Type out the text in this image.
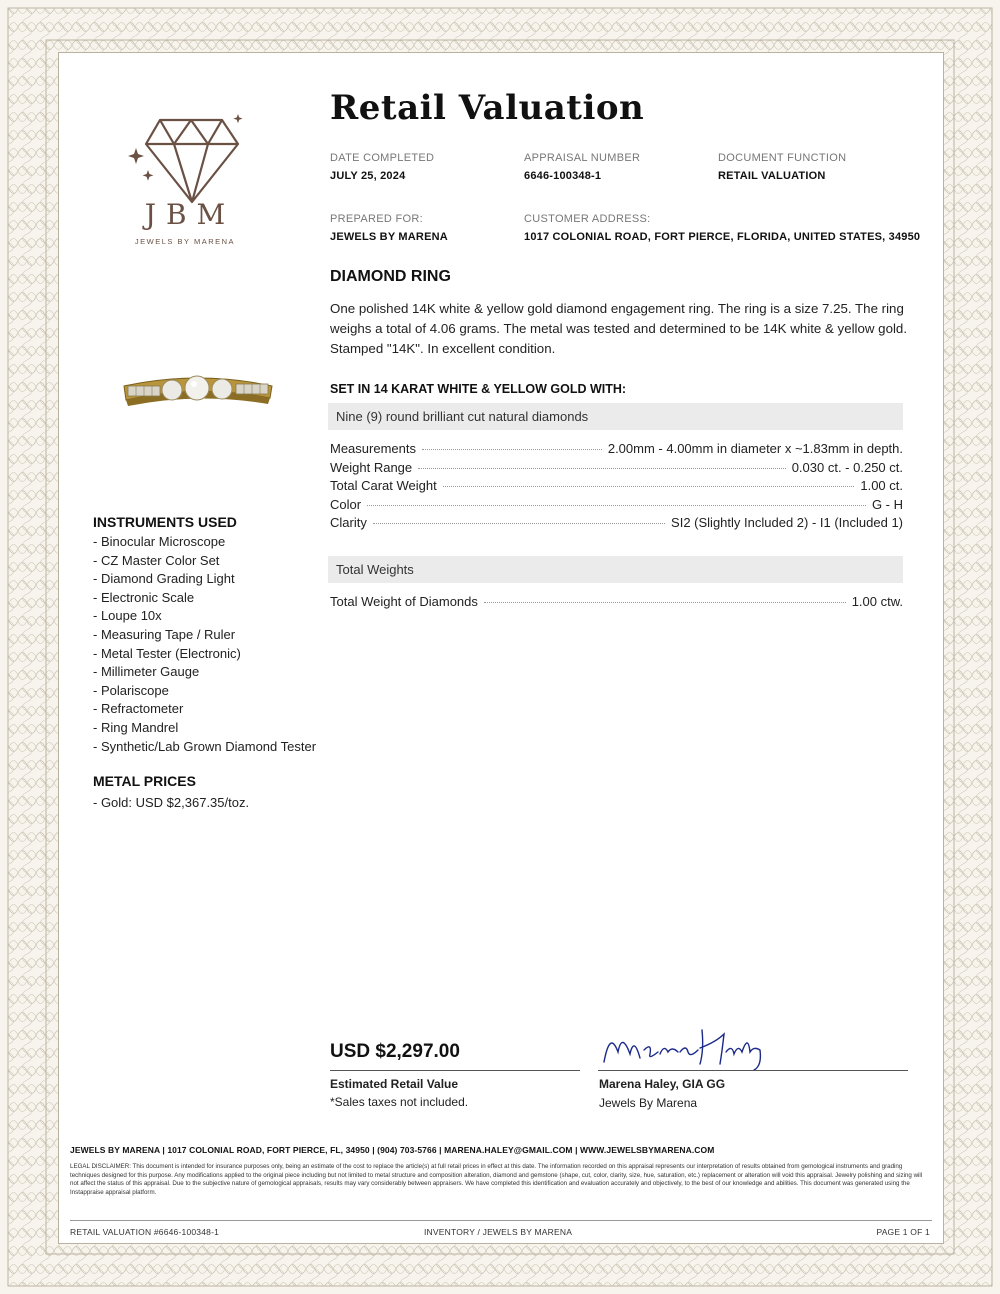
JBM
JEWELS BY MARENA
Retail Valuation
DATE COMPLETED
JULY 25, 2024
APPRAISAL NUMBER
6646-100348-1
DOCUMENT FUNCTION
RETAIL VALUATION
PREPARED FOR:
JEWELS BY MARENA
CUSTOMER ADDRESS:
1017 COLONIAL ROAD, FORT PIERCE, FLORIDA, UNITED STATES, 34950
DIAMOND RING
One polished 14K white & yellow gold diamond engagement ring. The ring is a size 7.25. The ring weighs a total of 4.06 grams. The metal was tested and determined to be 14K white & yellow gold. Stamped "14K". In excellent condition.
SET IN 14 KARAT WHITE & YELLOW GOLD WITH:
Nine (9) round brilliant cut natural diamonds
Measurements	2.00mm - 4.00mm in diameter x ~1.83mm in depth.
Weight Range	0.030 ct. - 0.250 ct.
Total Carat Weight	1.00 ct.
Color	G - H
Clarity	SI2 (Slightly Included 2) - I1 (Included 1)
Total Weights
Total Weight of Diamonds	1.00 ctw.
INSTRUMENTS USED
- Binocular Microscope
- CZ Master Color Set
- Diamond Grading Light
- Electronic Scale
- Loupe 10x
- Measuring Tape / Ruler
- Metal Tester (Electronic)
- Millimeter Gauge
- Polariscope
- Refractometer
- Ring Mandrel
- Synthetic/Lab Grown Diamond Tester
METAL PRICES
- Gold: USD $2,367.35/toz.
USD $2,297.00
Estimated Retail Value
*Sales taxes not included.
Marena Haley, GIA GG
Jewels By Marena
JEWELS BY MARENA | 1017 COLONIAL ROAD, FORT PIERCE, FL, 34950 | (904) 703-5766 | MARENA.HALEY@GMAIL.COM | WWW.JEWELSBYMARENA.COM
LEGAL DISCLAIMER: This document is intended for insurance purposes only, being an estimate of the cost to replace the article(s) at full retail prices in effect at this date. The information recorded on this appraisal represents our interpretation of results obtained from gemological instruments and grading techniques designed for this purpose. Any modifications applied to the original piece including but not limited to metal structure and composition alteration, diamond and gemstone (shape, cut, color, clarity, size, hue, saturation, etc.) replacement or alteration will void this appraisal. Jewelry polishing and sizing will not affect the status of this appraisal. Due to the subjective nature of gemological appraisals, results may vary considerably between appraisers. We have completed this identification and evaluation accurately and objectively, to the best of our knowledge and abilities. This document was generated using the Instappraise appraisal platform.
RETAIL VALUATION #6646-100348-1	INVENTORY / JEWELS BY MARENA	PAGE 1 OF 1
